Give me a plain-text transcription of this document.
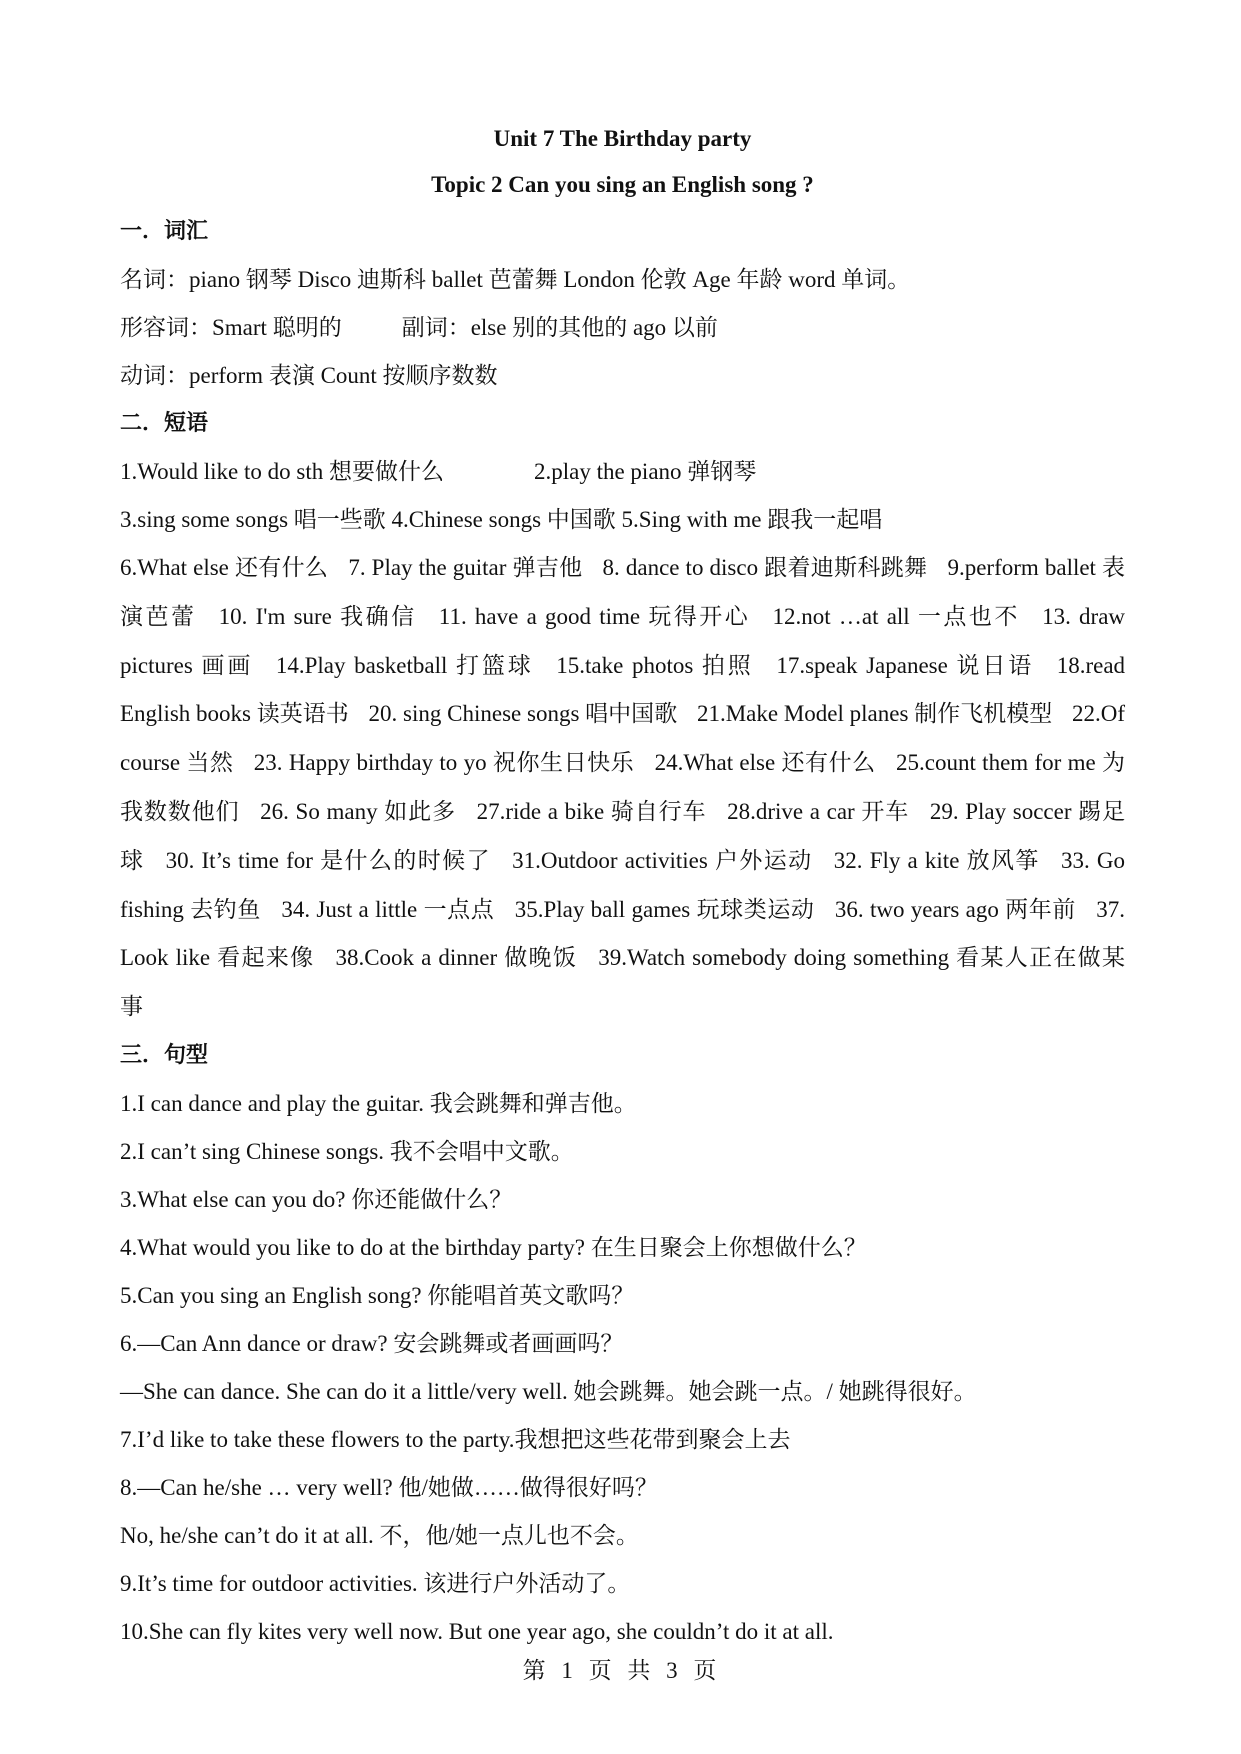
Unit 7 The Birthday party

Topic 2 Can you sing an English song ?

一．词汇

名词：piano 钢琴 Disco 迪斯科 ballet 芭蕾舞 London 伦敦 Age 年龄 word 单词。

形容词：Smart 聪明的	副词：else 别的其他的 ago 以前

动词：perform 表演 Count 按顺序数数

二．短语

1.Would like to do sth 想要做什么	2.play the piano 弹钢琴

3.sing some songs 唱一些歌 4.Chinese songs 中国歌 5.Sing with me 跟我一起唱

6.What else 还有什么 7. Play the guitar 弹吉他 8. dance to disco 跟着迪斯科跳舞 9.perform ballet 表演芭蕾 10. I'm sure 我确信 11. have a good time 玩得开心 12.not …at all 一点也不 13. draw pictures 画画 14.Play basketball 打篮球 15.take photos 拍照 17.speak Japanese 说日语 18.read English books 读英语书 20. sing Chinese songs 唱中国歌 21.Make Model planes 制作飞机模型 22.Of course 当然 23. Happy birthday to yo 祝你生日快乐 24.What else 还有什么 25.count them for me 为我数数他们 26. So many 如此多 27.ride a bike 骑自行车 28.drive a car 开车 29. Play soccer 踢足球 30. It’s time for 是什么的时候了 31.Outdoor activities 户外运动 32. Fly a kite 放风筝 33. Go fishing 去钓鱼 34. Just a little 一点点 35.Play ball games 玩球类运动 36. two years ago 两年前 37. Look like 看起来像 38.Cook a dinner 做晚饭 39.Watch somebody doing something 看某人正在做某事

三．句型

1.I can dance and play the guitar. 我会跳舞和弹吉他。

2.I can’t sing Chinese songs. 我不会唱中文歌。

3.What else can you do? 你还能做什么？

4.What would you like to do at the birthday party? 在生日聚会上你想做什么？

5.Can you sing an English song? 你能唱首英文歌吗？

6.—Can Ann dance or draw? 安会跳舞或者画画吗？

—She can dance. She can do it a little/very well. 她会跳舞。她会跳一点。/ 她跳得很好。

7.I’d like to take these flowers to the party.我想把这些花带到聚会上去

8.—Can he/she … very well? 他/她做……做得很好吗？

No, he/she can’t do it at all. 不，他/她一点儿也不会。

9.It’s time for outdoor activities. 该进行户外活动了。

10.She can fly kites very well now. But one year ago, she couldn’t do it at all.

第 1 页 共 3 页
